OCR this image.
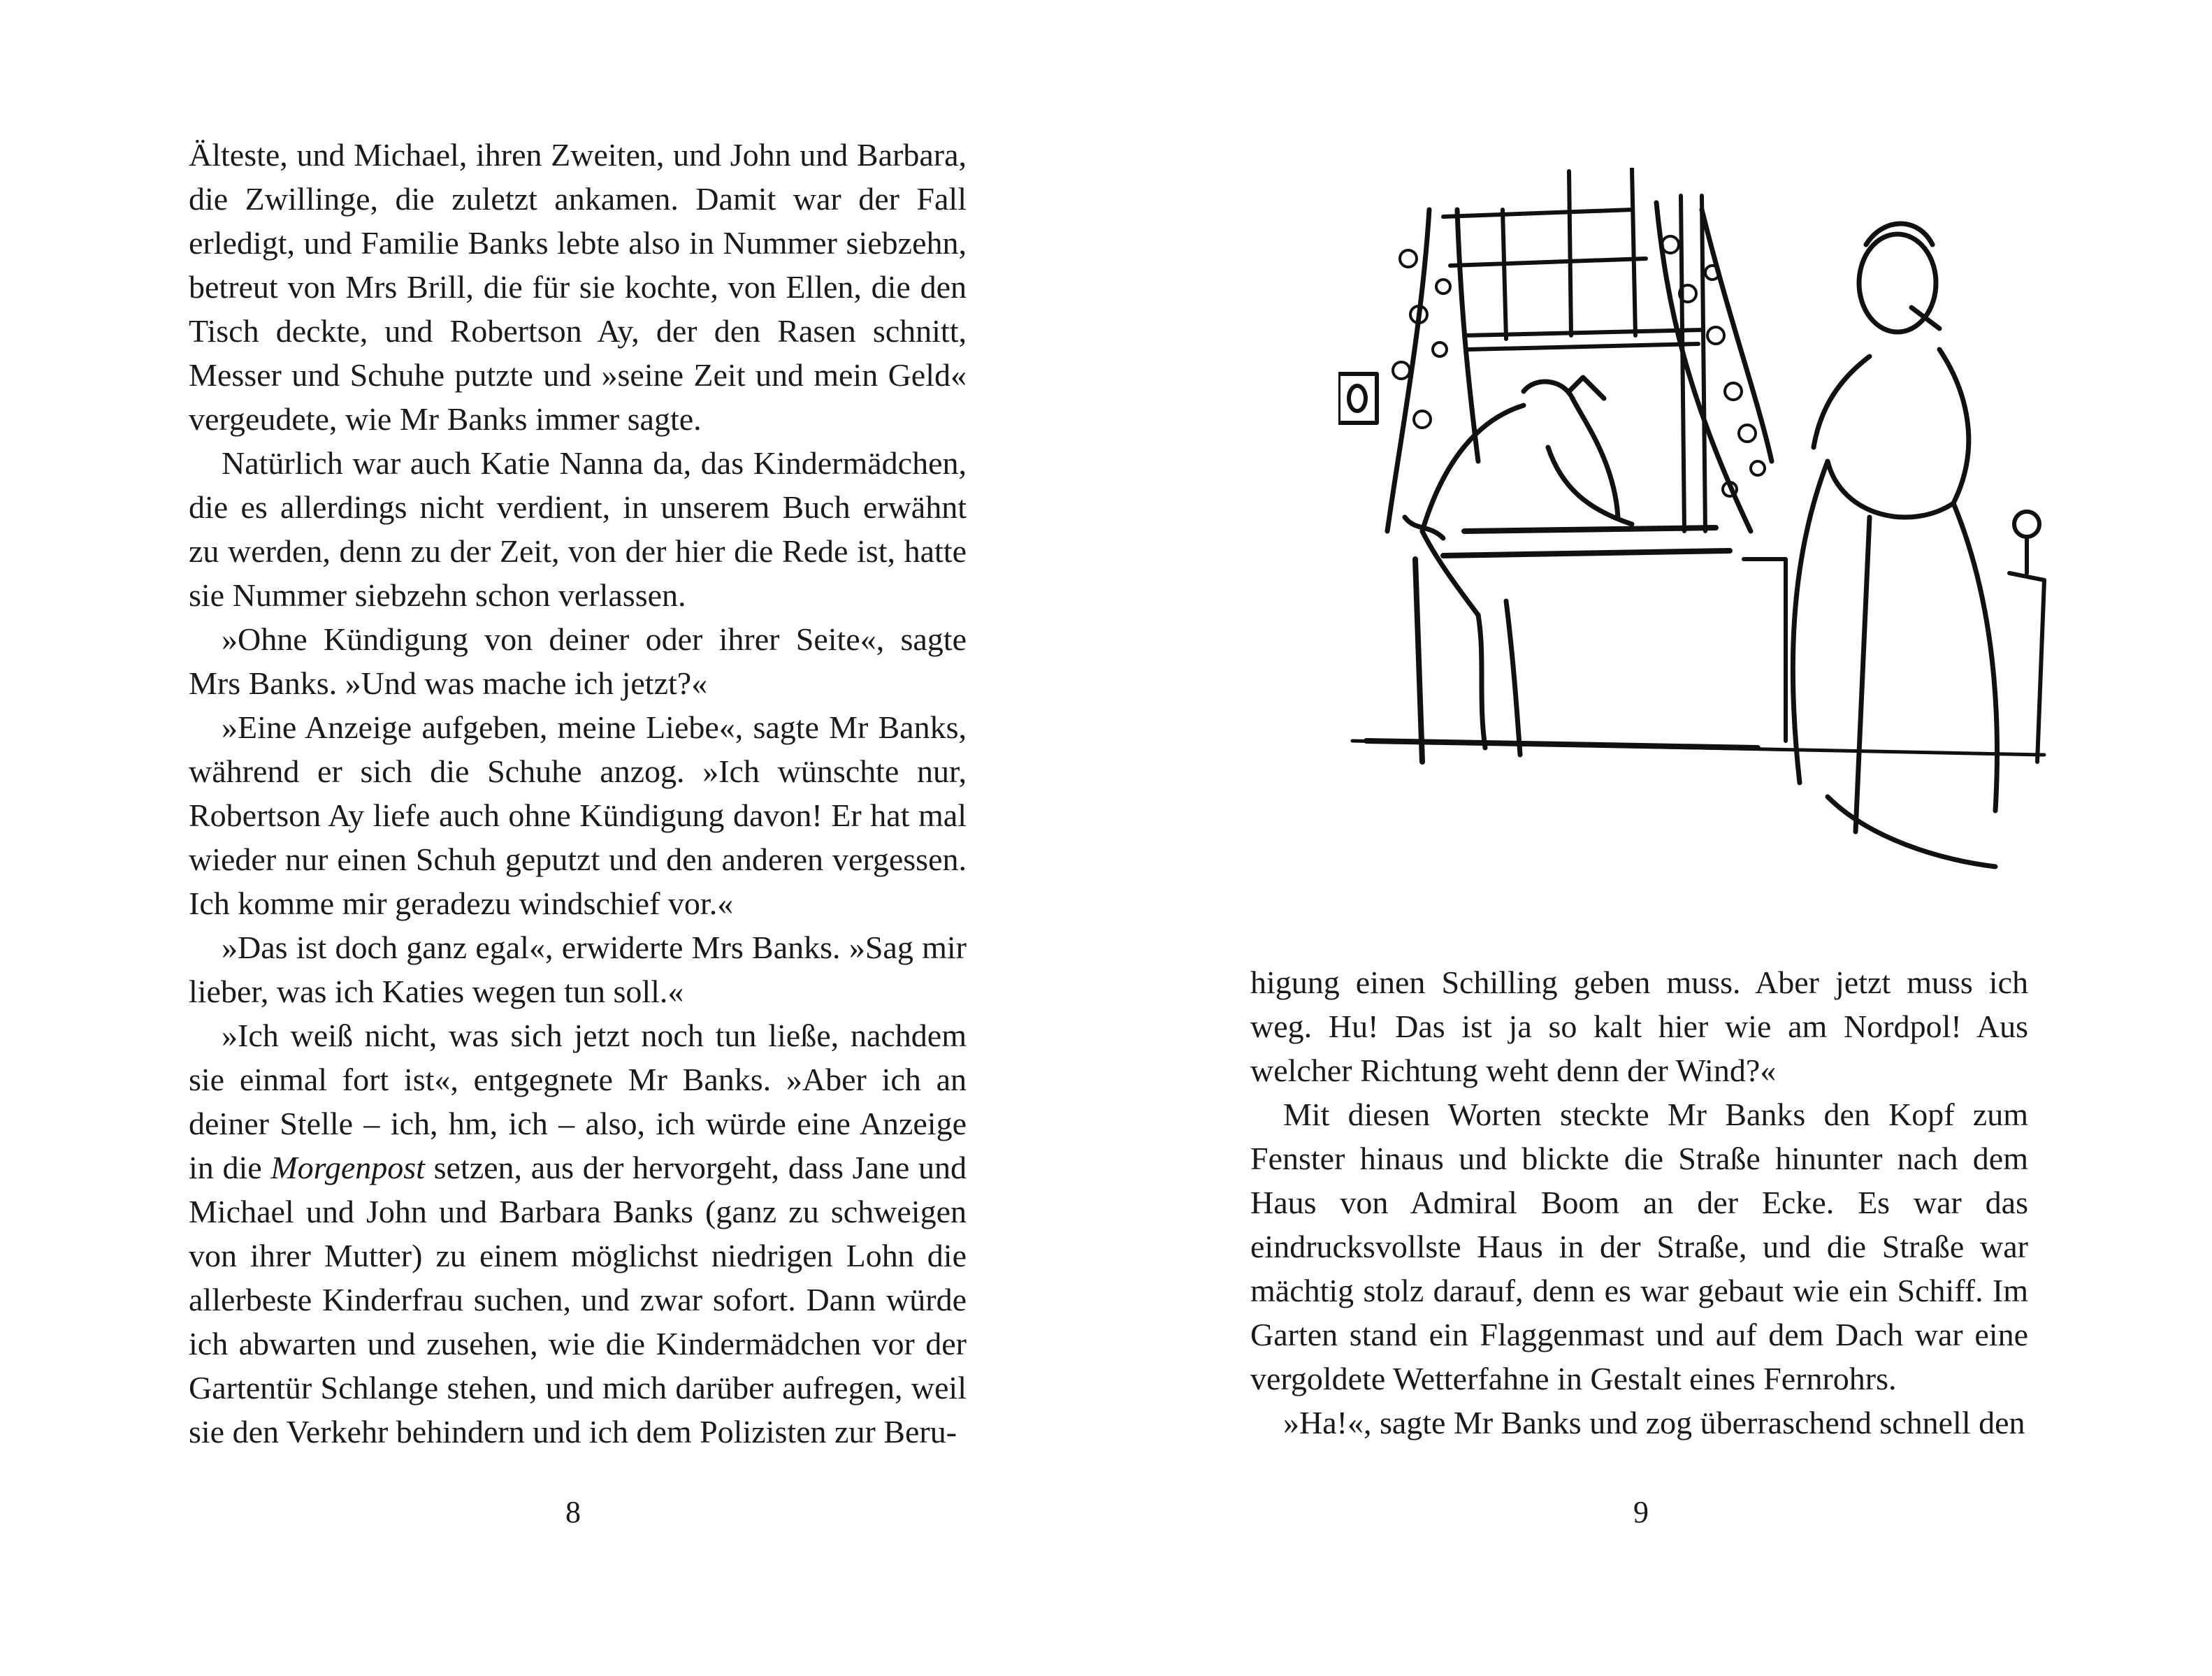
Älteste, und Michael, ihren Zweiten, und John und Barbara, die Zwillinge, die zuletzt ankamen. Damit war der Fall erledigt, und Familie Banks lebte also in Nummer siebzehn, betreut von Mrs Brill, die für sie kochte, von Ellen, die den Tisch deckte, und Robertson Ay, der den Rasen schnitt, Messer und Schuhe putzte und »seine Zeit und mein Geld« vergeudete, wie Mr Banks immer sagte.

Natürlich war auch Katie Nanna da, das Kindermädchen, die es allerdings nicht verdient, in unserem Buch erwähnt zu werden, denn zu der Zeit, von der hier die Rede ist, hatte sie Nummer siebzehn schon verlassen.

»Ohne Kündigung von deiner oder ihrer Seite«, sagte Mrs Banks. »Und was mache ich jetzt?«

»Eine Anzeige aufgeben, meine Liebe«, sagte Mr Banks, während er sich die Schuhe anzog. »Ich wünschte nur, Robertson Ay liefe auch ohne Kündigung davon! Er hat mal wieder nur einen Schuh geputzt und den anderen vergessen. Ich komme mir geradezu windschief vor.«

»Das ist doch ganz egal«, erwiderte Mrs Banks. »Sag mir lieber, was ich Katies wegen tun soll.«

»Ich weiß nicht, was sich jetzt noch tun ließe, nachdem sie einmal fort ist«, entgegnete Mr Banks. »Aber ich an deiner Stelle – ich, hm, ich – also, ich würde eine Anzeige in die Morgenpost setzen, aus der hervorgeht, dass Jane und Michael und John und Barbara Banks (ganz zu schweigen von ihrer Mutter) zu einem möglichst niedrigen Lohn die allerbeste Kinderfrau suchen, und zwar sofort. Dann würde ich abwarten und zusehen, wie die Kindermädchen vor der Gartentür Schlange stehen, und mich darüber aufregen, weil sie den Verkehr behindern und ich dem Polizisten zur Beru-

8

higung einen Schilling geben muss. Aber jetzt muss ich weg. Hu! Das ist ja so kalt hier wie am Nordpol! Aus welcher Richtung weht denn der Wind?«

Mit diesen Worten steckte Mr Banks den Kopf zum Fenster hinaus und blickte die Straße hinunter nach dem Haus von Admiral Boom an der Ecke. Es war das eindrucksvollste Haus in der Straße, und die Straße war mächtig stolz darauf, denn es war gebaut wie ein Schiff. Im Garten stand ein Flaggenmast und auf dem Dach war eine vergoldete Wetterfahne in Gestalt eines Fernrohrs.

»Ha!«, sagte Mr Banks und zog überraschend schnell den

9
